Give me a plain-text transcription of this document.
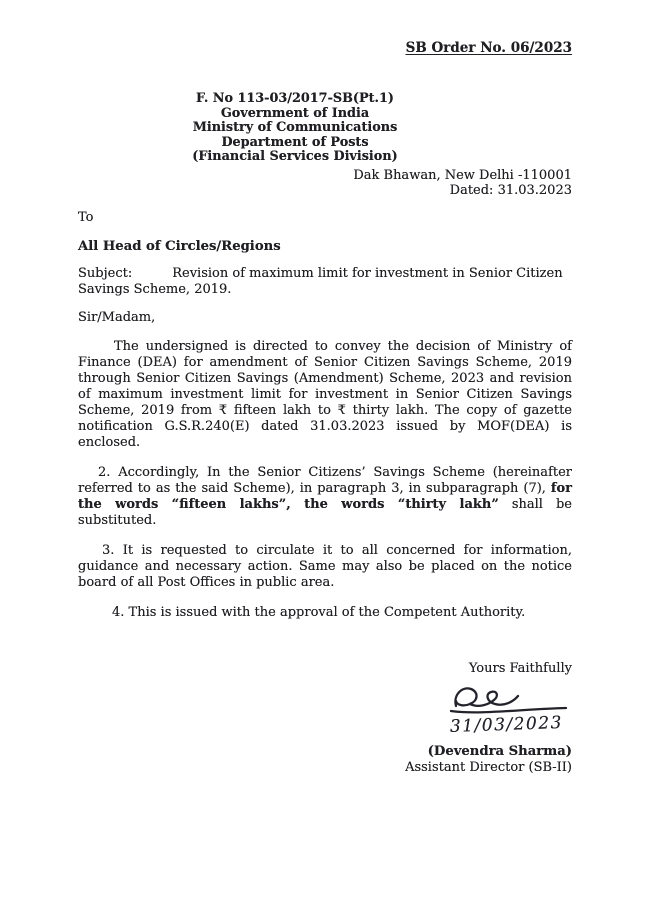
SB Order No. 06/2023
F. No 113-03/2017-SB(Pt.1)
Government of India
Ministry of Communications
Department of Posts
(Financial Services Division)
Dak Bhawan, New Delhi -110001
Dated: 31.03.2023
To
All Head of Circles/Regions
Subject:	Revision of maximum limit for investment in Senior Citizen Savings Scheme, 2019.
Sir/Madam,

The undersigned is directed to convey the decision of Ministry of Finance (DEA) for amendment of Senior Citizen Savings Scheme, 2019 through Senior Citizen Savings (Amendment) Scheme, 2023 and revision of maximum investment limit for investment in Senior Citizen Savings Scheme, 2019 from ₹ fifteen lakh to ₹ thirty lakh. The copy of gazette notification G.S.R.240(E) dated 31.03.2023 issued by MOF(DEA) is enclosed.

2. Accordingly, In the Senior Citizens’ Savings Scheme (hereinafter referred to as the said Scheme), in paragraph 3, in subparagraph (7), for the words “fifteen lakhs”, the words “thirty lakh” shall be substituted.

3. It is requested to circulate it to all concerned for information, guidance and necessary action. Same may also be placed on the notice board of all Post Offices in public area.

4. This is issued with the approval of the Competent Authority.

Yours Faithfully
31/03/2023
(Devendra Sharma)
Assistant Director (SB-II)
